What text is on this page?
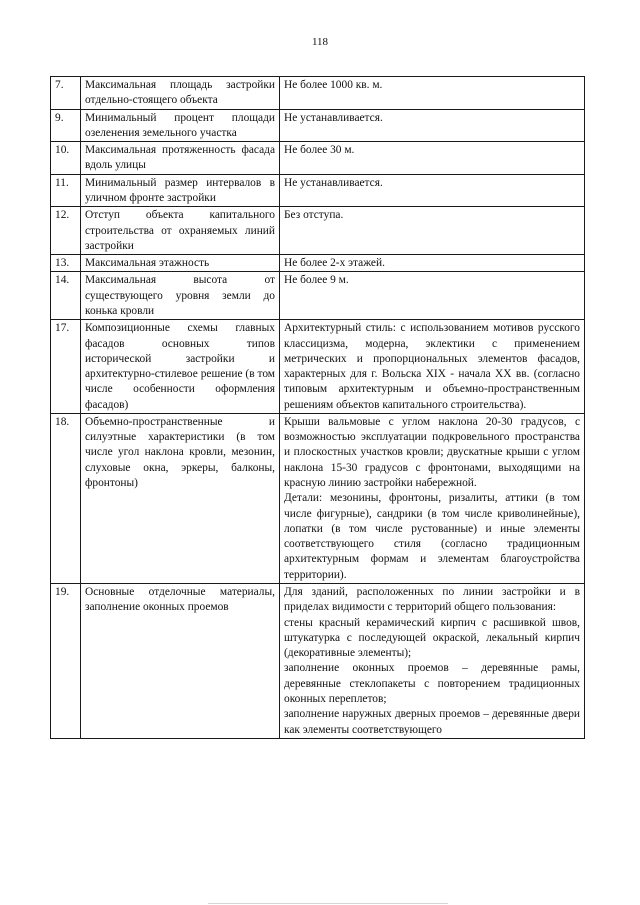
118
7.	Максимальная площадь застройки отдельно-стоящего объекта	Не более 1000 кв. м.

9.	Минимальный процент площади озеленения земельного участка	Не устанавливается.

10.	Максимальная протяженность фасада вдоль улицы	Не более 30 м.

11.	Минимальный размер интервалов в уличном фронте застройки	Не устанавливается.

12.	Отступ объекта капитального строительства от охраняемых линий застройки	Без отступа.

13.	Максимальная этажность	Не более 2-х этажей.

14.	Максимальная высота от существующего уровня земли до конька кровли	Не более 9 м.

17.	Композиционные схемы главных фасадов основных типов исторической застройки и архитектурно-стилевое решение (в том числе особенности оформления фасадов)	Архитектурный стиль: с использованием мотивов русского классицизма, модерна, эклектики с применением метрических и пропорциональных элементов фасадов, характерных для г. Вольска XIX - начала XX вв. (согласно типовым архитектурным и объемно-пространственным решениям объектов капитального строительства).

18.	Объемно-пространственные и силуэтные характеристики (в том числе угол наклона кровли, мезонин, слуховые окна, эркеры, балконы, фронтоны)	Крыши вальмовые с углом наклона 20-30 градусов, с возможностью эксплуатации подкровельного пространства и плоскостных участков кровли; двускатные крыши с углом наклона 15-30 градусов с фронтонами, выходящими на красную линию застройки набережной.

Детали: мезонины, фронтоны, ризалиты, аттики (в том числе фигурные), сандрики (в том числе криволинейные), лопатки (в том числе рустованные) и иные элементы соответствующего стиля (согласно традиционным архитектурным формам и элементам благоустройства территории).

19.	Основные отделочные материалы, заполнение оконных проемов	Для зданий, расположенных по линии застройки и в приделах видимости с территорий общего пользования:

стены красный керамический кирпич с расшивкой швов, штукатурка с последующей окраской, лекальный кирпич (декоративные элементы);

заполнение оконных проемов – деревянные рамы, деревянные стеклопакеты с повторением традиционных оконных переплетов;

заполнение наружных дверных проемов – деревянные двери как элементы соответствующего
